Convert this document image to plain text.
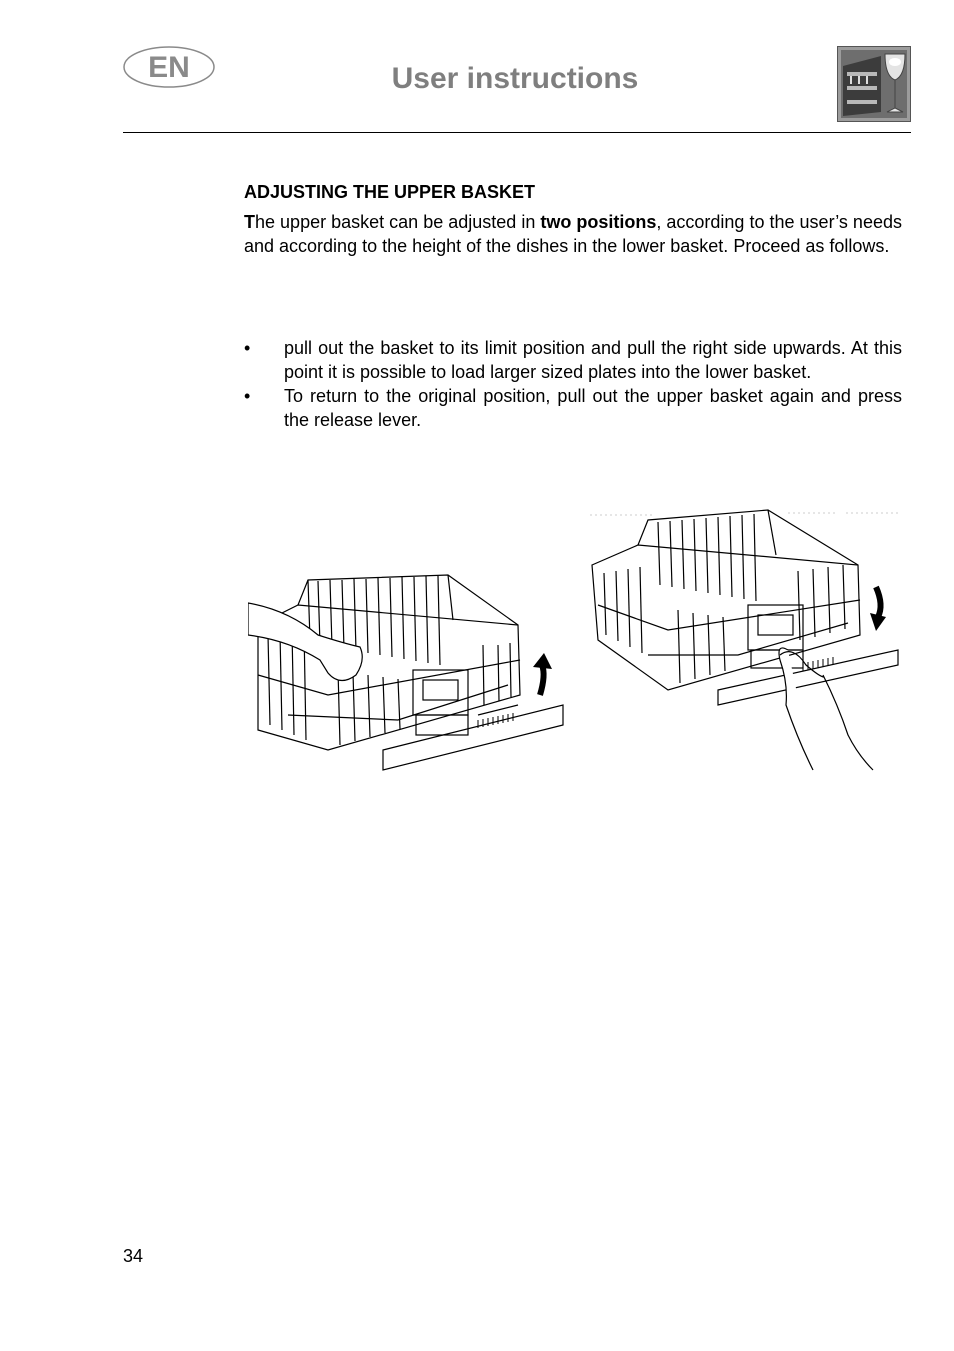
EN	User instructions
ADJUSTING THE UPPER BASKET

The upper basket can be adjusted in two positions, according to the user’s needs and according to the height of the dishes in the lower basket. Proceed as follows.

• pull out the basket to its limit position and pull the right side upwards. At this point it is possible to load larger sized plates into the lower basket.
• To return to the original position, pull out the upper basket again and press the release lever.
34
